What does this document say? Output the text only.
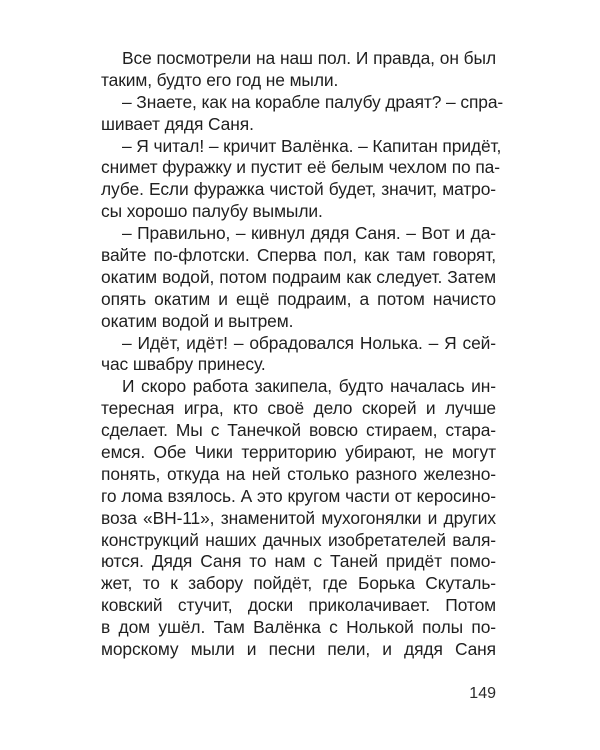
Все посмотрели на наш пол. И правда, он был
таким, будто его год не мыли.
– Знаете, как на корабле палубу драят? – спра-
шивает дядя Саня.
– Я читал! – кричит Валёнка. – Капитан придёт,
снимет фуражку и пустит её белым чехлом по па-
лубе. Если фуражка чистой будет, значит, матро-
сы хорошо палубу вымыли.
– Правильно, – кивнул дядя Саня. – Вот и да-
вайте по-флотски. Сперва пол, как там говорят,
окатим водой, потом подраим как следует. Затем
опять окатим и ещё подраим, а потом начисто
окатим водой и вытрем.
– Идёт, идёт! – обрадовался Нолька. – Я сей-
час швабру принесу.
И скоро работа закипела, будто началась ин-
тересная игра, кто своё дело скорей и лучше
сделает. Мы с Танечкой вовсю стираем, стара-
емся. Обе Чики территорию убирают, не могут
понять, откуда на ней столько разного железно-
го лома взялось. А это кругом части от керосино-
воза «ВН-11», знаменитой мухогонялки и других
конструкций наших дачных изобретателей валя-
ются. Дядя Саня то нам с Таней придёт помо-
жет, то к забору пойдёт, где Борька Скуталь-
ковский стучит, доски приколачивает. Потом
в дом ушёл. Там Валёнка с Нолькой полы по-
морскому мыли и песни пели, и дядя Саня
149
